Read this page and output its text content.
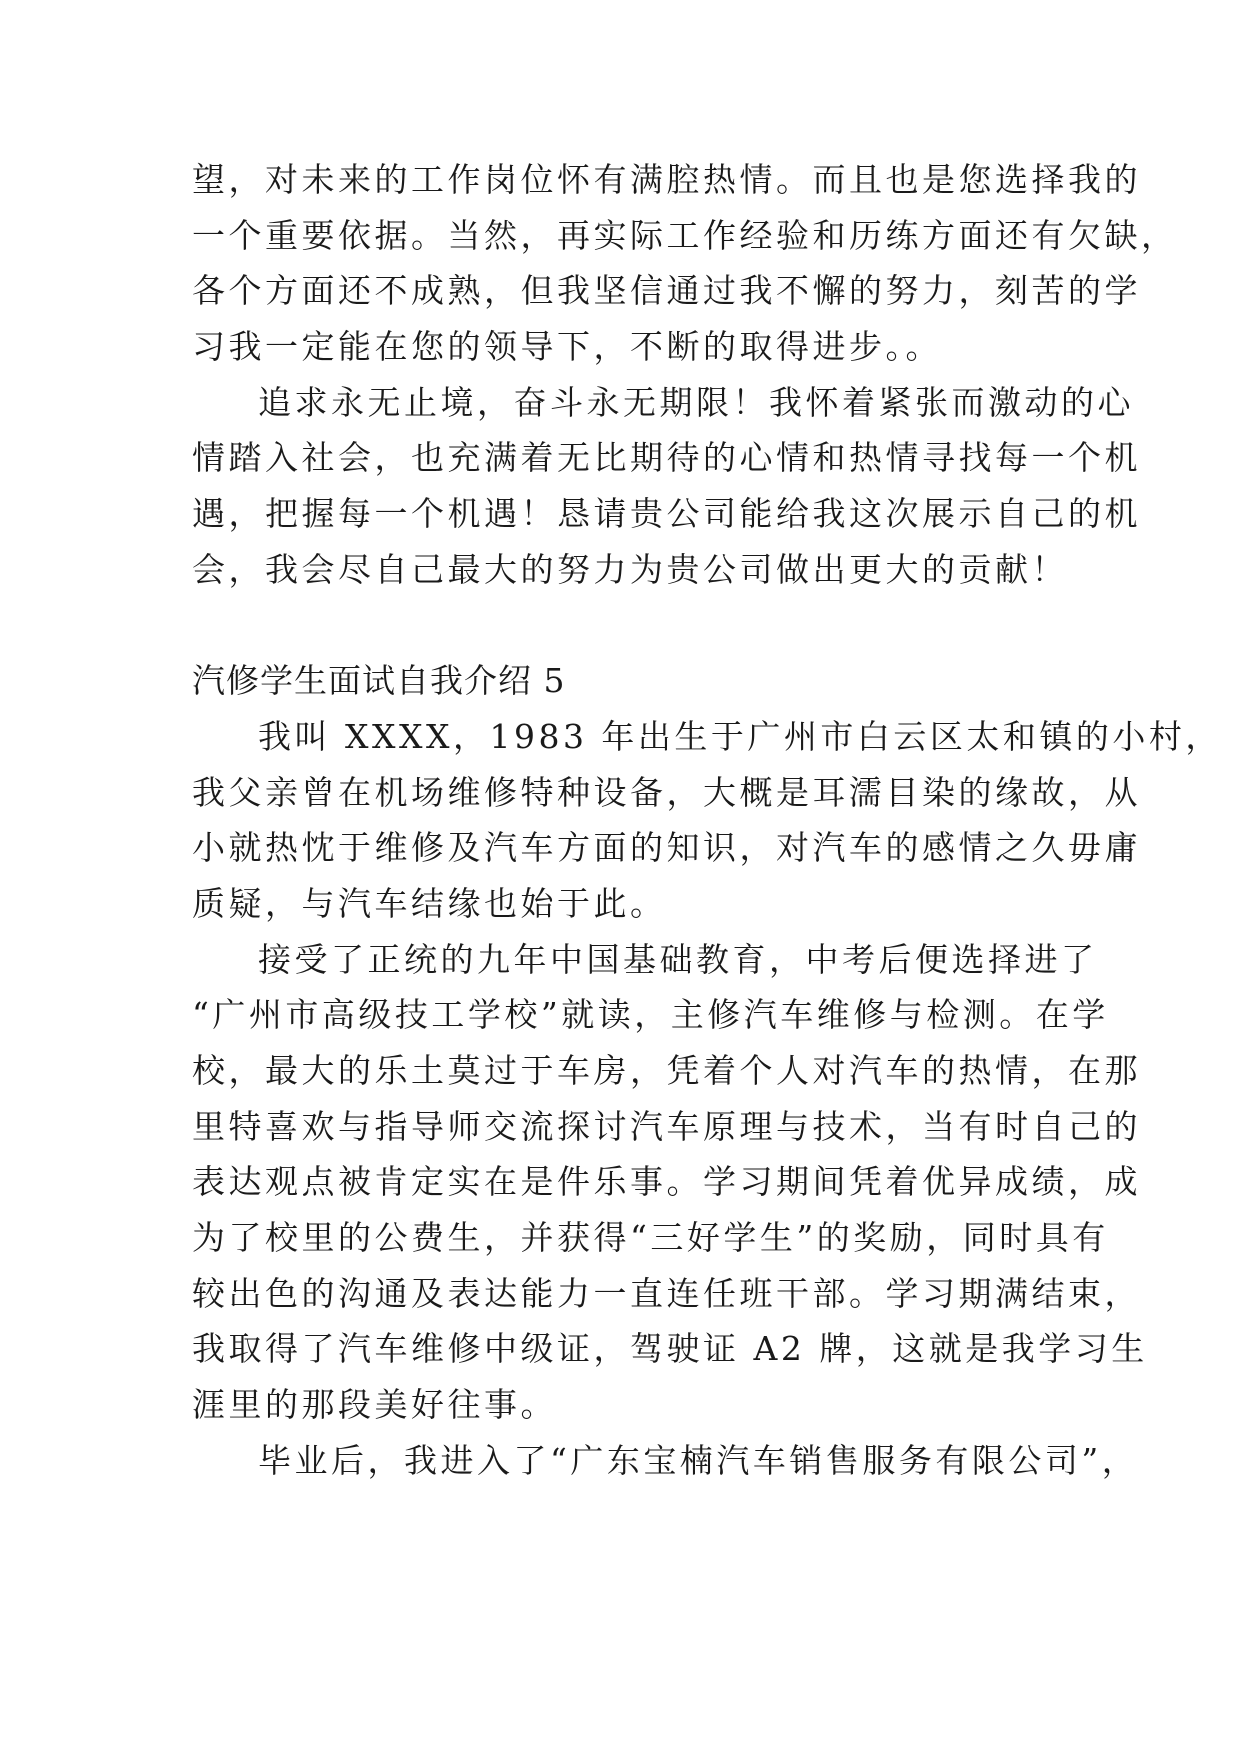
望，对未来的工作岗位怀有满腔热情。而且也是您选择我的
一个重要依据。当然，再实际工作经验和历练方面还有欠缺，
各个方面还不成熟，但我坚信通过我不懈的努力，刻苦的学
习我一定能在您的领导下，不断的取得进步。。
追求永无止境，奋斗永无期限！我怀着紧张而激动的心
情踏入社会，也充满着无比期待的心情和热情寻找每一个机
遇，把握每一个机遇！恳请贵公司能给我这次展示自己的机
会，我会尽自己最大的努力为贵公司做出更大的贡献！
汽修学生面试自我介绍 5
我叫 XXXX，1983 年出生于广州市白云区太和镇的小村，
我父亲曾在机场维修特种设备，大概是耳濡目染的缘故，从
小就热忱于维修及汽车方面的知识，对汽车的感情之久毋庸
质疑，与汽车结缘也始于此。
接受了正统的九年中国基础教育，中考后便选择进了
“广州市高级技工学校”就读，主修汽车维修与检测。在学
校，最大的乐土莫过于车房，凭着个人对汽车的热情，在那
里特喜欢与指导师交流探讨汽车原理与技术，当有时自己的
表达观点被肯定实在是件乐事。学习期间凭着优异成绩，成
为了校里的公费生，并获得“三好学生”的奖励，同时具有
较出色的沟通及表达能力一直连任班干部。学习期满结束，
我取得了汽车维修中级证，驾驶证 A2 牌，这就是我学习生
涯里的那段美好往事。
毕业后，我进入了“广东宝楠汽车销售服务有限公司”，
